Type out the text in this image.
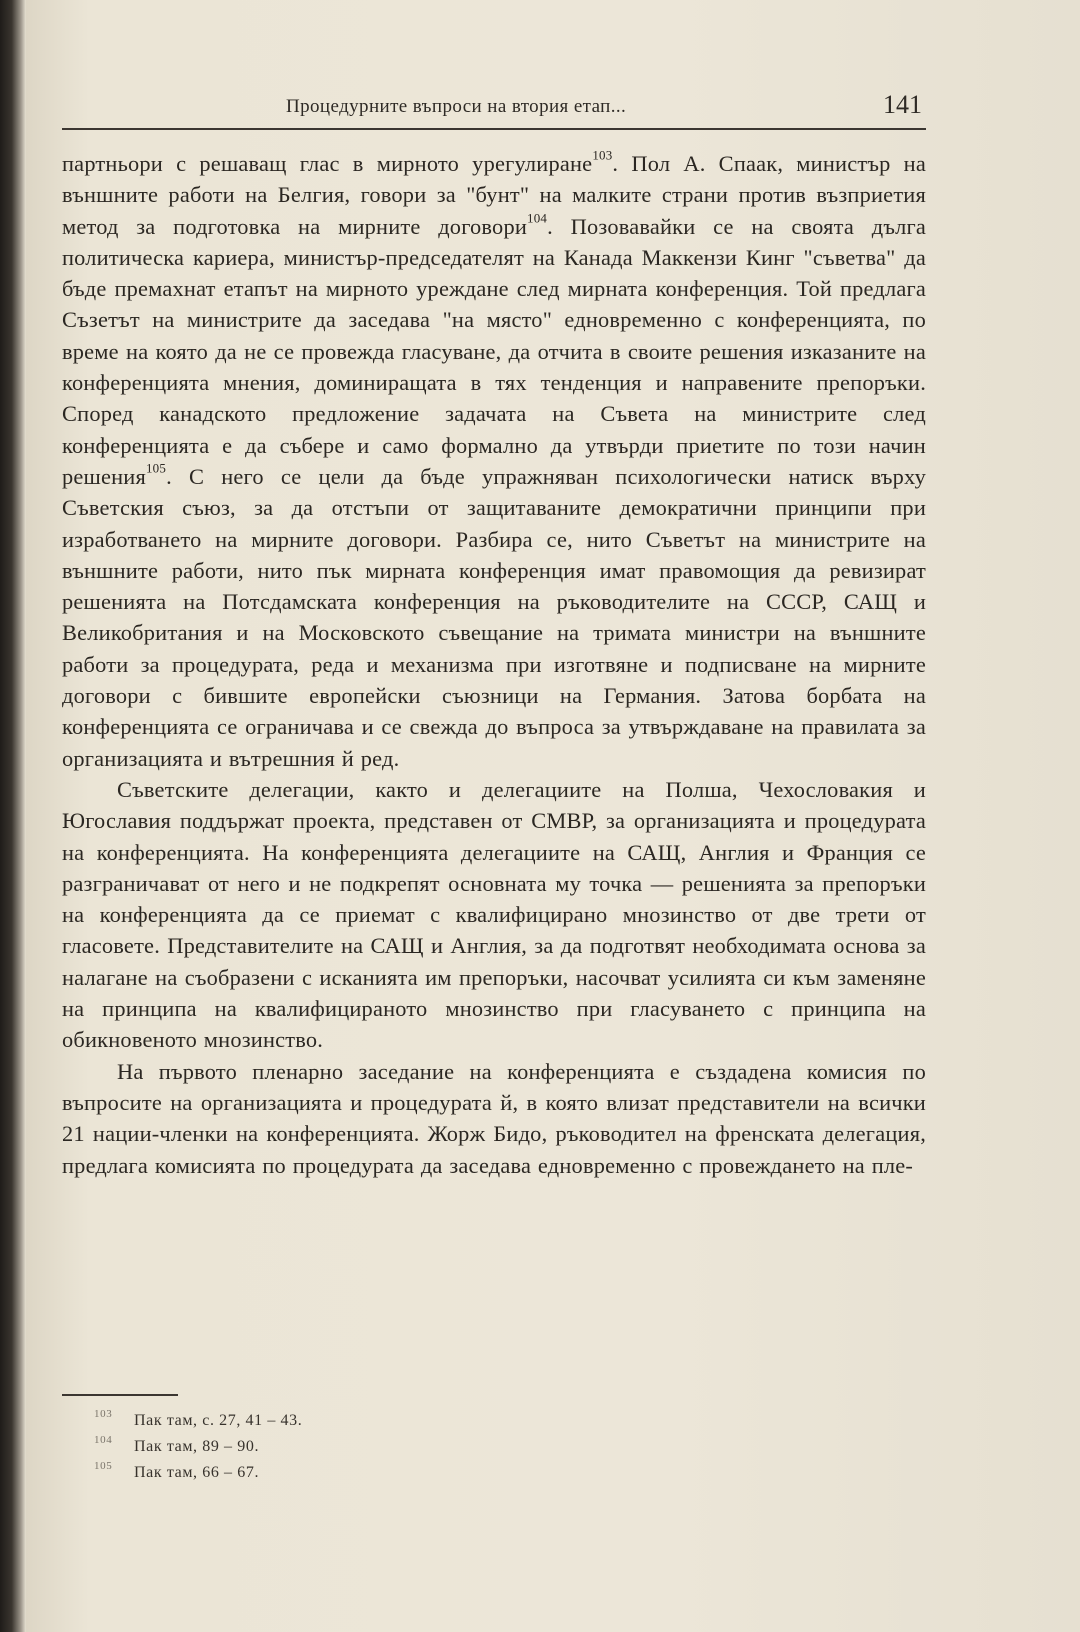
Процедурните въпроси на втория етап...	141

партньори с решаващ глас в мирното урегулиране$^{103}$. Пол А. Спаак, министър на външните работи на Белгия, говори за "бунт" на малките страни против възприетия метод за подготовка на мирните договори$^{104}$. Позовавайки се на своята дълга политическа кариера, министър-председателят на Канада Маккензи Кинг "съветва" да бъде премахнат етапът на мирното уреждане след мирната конференция. Той предлага Съзетът на министрите да заседава "на място" едновременно с конференцията, по време на която да не се провежда гласуване, да отчита в своите решения изказаните на конференцията мнения, доминиращата в тях тенденция и направените препоръки. Според канадското предложение задачата на Съвета на министрите след конференцията е да събере и само формално да утвърди приетите по този начин решения$^{105}$. С него се цели да бъде упражняван психологически натиск върху Съветския съюз, за да отстъпи от защитаваните демократични принципи при изработването на мирните договори. Разбира се, нито Съветът на министрите на външните работи, нито пък мирната конференция имат правомощия да ревизират решенията на Потсдамската конференция на ръководителите на СССР, САЩ и Великобритания и на Московското съвещание на тримата министри на външните работи за процедурата, реда и механизма при изготвяне и подписване на мирните договори с бившите европейски съюзници на Германия. Затова борбата на конференцията се ограничава и се свежда до въпроса за утвърждаване на правилата за организацията и вътрешния й ред.

Съветските делегации, както и делегациите на Полша, Чехословакия и Югославия поддържат проекта, представен от СМВР, за организацията и процедурата на конференцията. На конференцията делегациите на САЩ, Англия и Франция се разграничават от него и не подкрепят основната му точка — решенията за препоръки на конференцията да се приемат с квалифицирано мнозинство от две трети от гласовете. Представителите на САЩ и Англия, за да подготвят необходимата основа за налагане на съобразени с исканията им препоръки, насочват усилията си към заменяне на принципа на квалифицираното мнозинство при гласуването с принципа на обикновеното мнозинство.

На първото пленарно заседание на конференцията е създадена комисия по въпросите на организацията и процедурата й, в която влизат представители на всички 21 нации-членки на конференцията. Жорж Бидо, ръководител на френската делегация, предлага комисията по процедурата да заседава едновременно с провеждането на пле-

103 Пак там, с. 27, 41 – 43.
104 Пак там, 89 – 90.
105 Пак там, 66 – 67.
